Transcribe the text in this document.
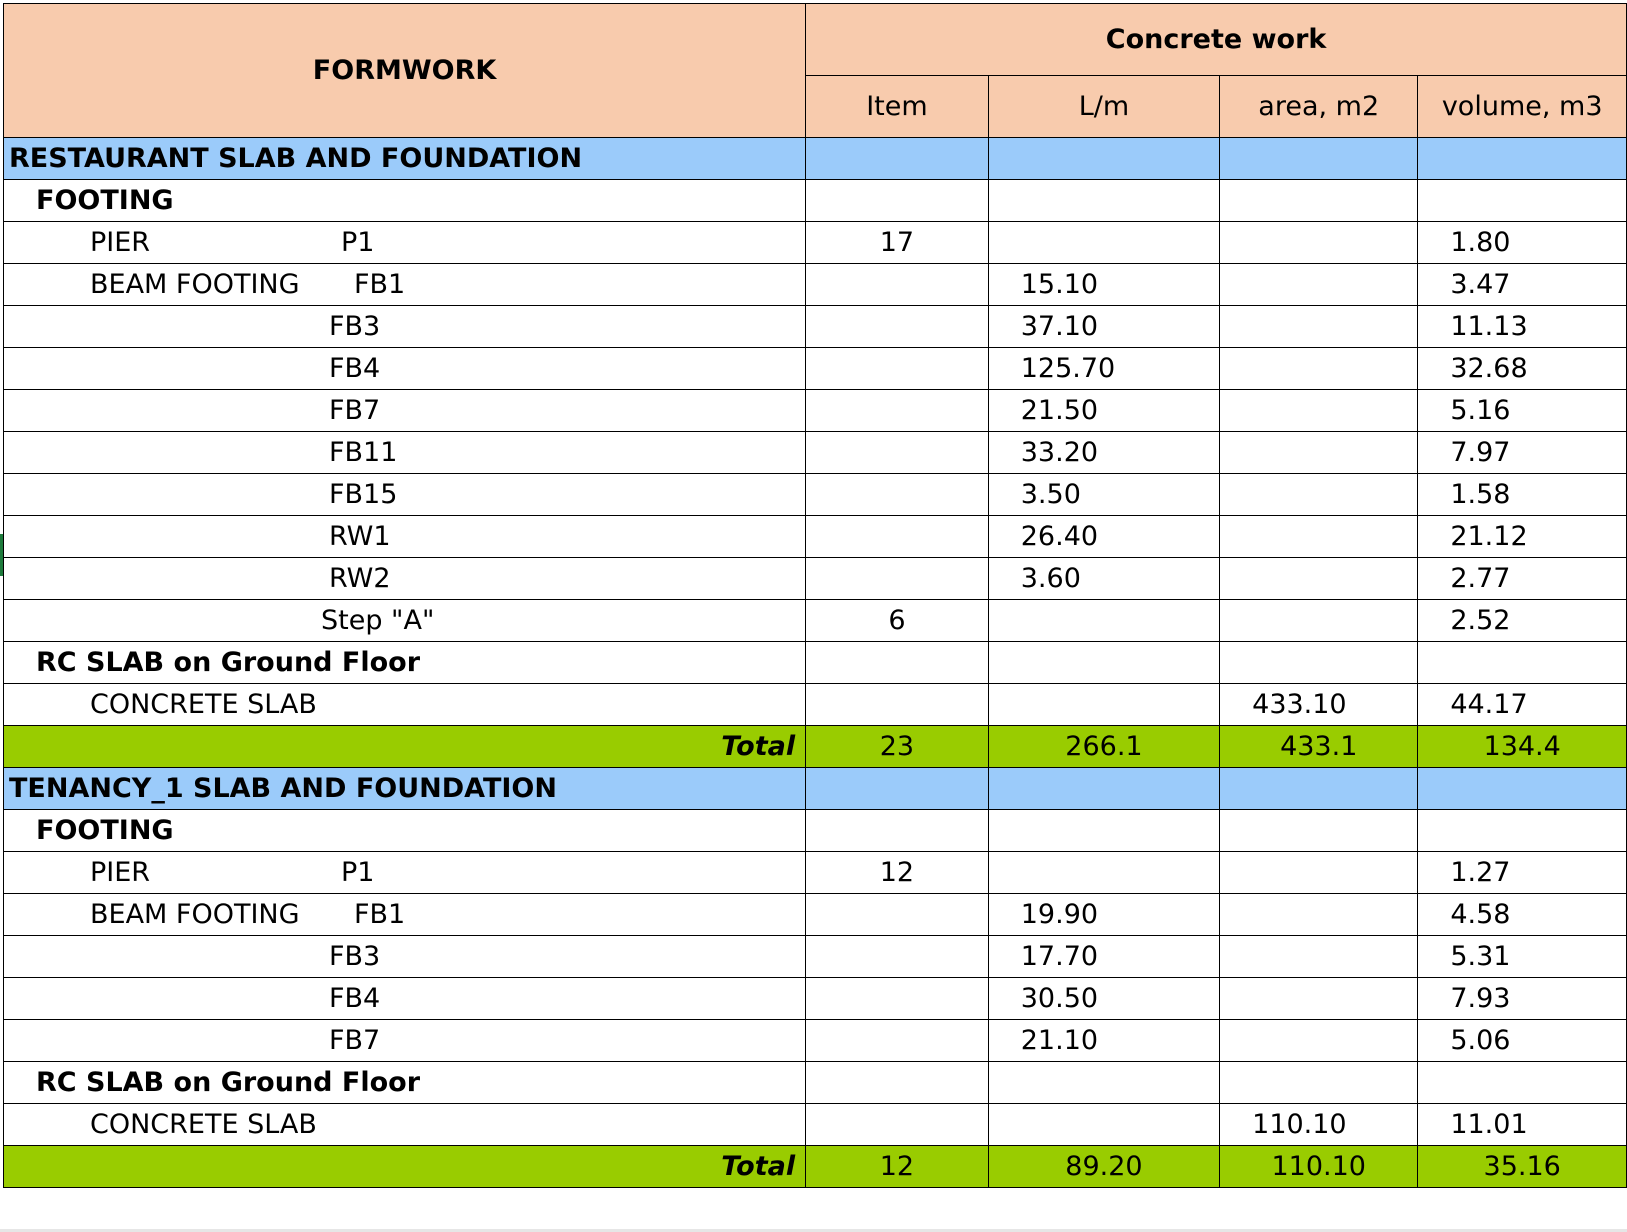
FORMWORK	Concrete work			
	Item	L/m	area, m2	volume, m3
RESTAURANT SLAB AND FOUNDATION				
FOOTING				

PIER P1	17			1.80

BEAM FOOTING FB1		15.10		3.47

FB3		37.10		11.13

FB4		125.70		32.68

FB7		21.50		5.16

FB11		33.20		7.97

FB15		3.50		1.58

RW1		26.40		21.12

RW2		3.60		2.77

Step "A"	6			2.52
RC SLAB on Ground Floor				

CONCRETE SLAB			433.10	44.17
Total	23	266.1	433.1	134.4
TENANCY_1 SLAB AND FOUNDATION				
FOOTING				

PIER P1	12			1.27

BEAM FOOTING FB1		19.90		4.58

FB3		17.70		5.31

FB4		30.50		7.93

FB7		21.10		5.06
RC SLAB on Ground Floor				

CONCRETE SLAB			110.10	11.01
Total	12	89.20	110.10	35.16
